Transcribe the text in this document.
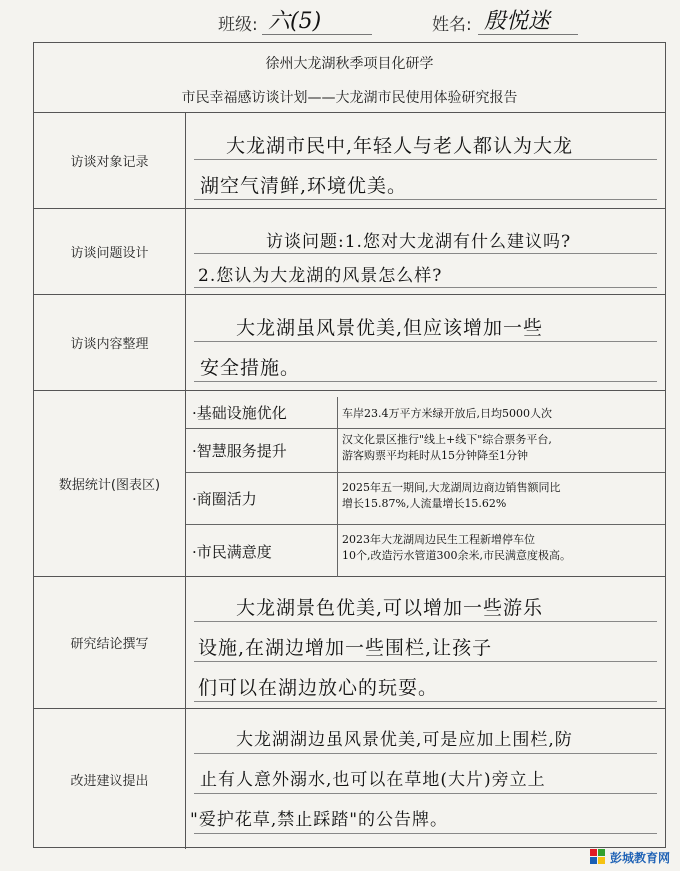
班级: 六(5)	姓名: 殷悦迷
徐州大龙湖秋季项目化研学
市民幸福感访谈计划——大龙湖市民使用体验研究报告
访谈对象记录
大龙湖市民中,年轻人与老人都认为大龙
湖空气清鲜,环境优美。
访谈问题设计
访谈问题:1.您对大龙湖有什么建议吗?
2.您认为大龙湖的风景怎么样?
访谈内容整理
大龙湖虽风景优美,但应该增加一些
安全措施。
数据统计(图表区)
·基础设施优化	车岸23.4万平方米绿开放后,日均5000人次
·智慧服务提升
汉文化景区推行"线上+线下"综合票务平台,
游客购票平均耗时从15分钟降至1分钟
·商圈活力
2025年五一期间,大龙湖周边商边销售额同比
增长15.87%,人流量增长15.62%
·市民满意度
2023年大龙湖周边民生工程新增停车位
10个,改造污水管道300余米,市民满意度极高。
研究结论撰写
大龙湖景色优美,可以增加一些游乐
设施,在湖边增加一些围栏,让孩子
们可以在湖边放心的玩耍。
改进建议提出
大龙湖湖边虽风景优美,可是应加上围栏,防
止有人意外溺水,也可以在草地(大片)旁立上
"爱护花草,禁止踩踏"的公告牌。
彭城教育网
